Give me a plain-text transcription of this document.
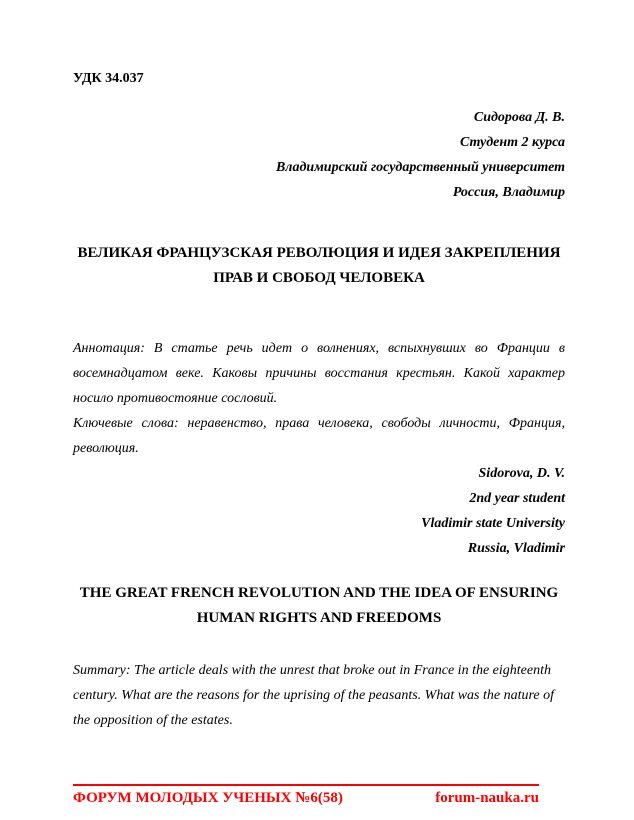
УДК 34.037
Сидорова Д. В.
Студент 2 курса
Владимирский государственный университет
Россия, Владимир
ВЕЛИКАЯ ФРАНЦУЗСКАЯ РЕВОЛЮЦИЯ И ИДЕЯ ЗАКРЕПЛЕНИЯ
ПРАВ И СВОБОД ЧЕЛОВЕКА

Аннотация: В статье речь идет о волнениях, вспыхнувших во Франции в восемнадцатом веке. Каковы причины восстания крестьян. Какой характер носило противостояние сословий.

Ключевые слова: неравенство, права человека, свободы личности, Франция, революция.

Sidorova, D. V.
2nd year student
Vladimir state University
Russia, Vladimir
THE GREAT FRENCH REVOLUTION AND THE IDEA OF ENSURING
HUMAN RIGHTS AND FREEDOMS

Summary: The article deals with the unrest that broke out in France in the eighteenth century. What are the reasons for the uprising of the peasants. What was the nature of the opposition of the estates.

ФОРУМ МОЛОДЫХ УЧЕНЫХ №6(58)	forum-nauka.ru
